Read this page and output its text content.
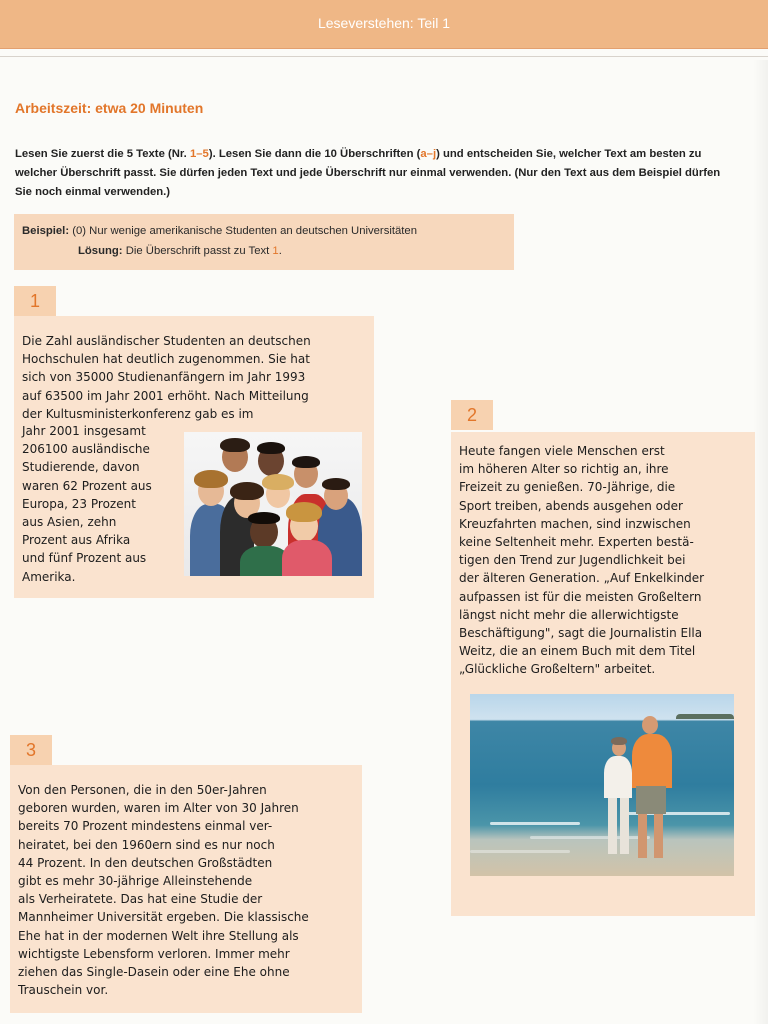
Leseverstehen: Teil 1
Arbeitszeit: etwa 20 Minuten
Lesen Sie zuerst die 5 Texte (Nr. 1–5). Lesen Sie dann die 10 Überschriften (a–j) und entscheiden Sie, welcher Text am besten zu welcher Überschrift passt. Sie dürfen jeden Text und jede Überschrift nur einmal verwenden. (Nur den Text aus dem Beispiel dürfen Sie noch einmal verwenden.)
Beispiel: (0) Nur wenige amerikanische Studenten an deutschen Universitäten
Lösung: Die Überschrift passt zu Text 1.
1

Die Zahl ausländischer Studenten an deutschen

Hochschulen hat deutlich zugenommen. Sie hat

sich von 35000 Studienanfängern im Jahr 1993

auf 63500 im Jahr 2001 erhöht. Nach Mitteilung

der Kultusministerkonferenz gab es im

Jahr 2001 insgesamt

206100 ausländische

Studierende, davon

waren 62 Prozent aus

Europa, 23 Prozent

aus Asien, zehn

Prozent aus Afrika

und fünf Prozent aus

Amerika.

2

Heute fangen viele Menschen erst

im höheren Alter so richtig an, ihre

Freizeit zu genießen. 70-Jährige, die

Sport treiben, abends ausgehen oder

Kreuzfahrten machen, sind inzwischen

keine Seltenheit mehr. Experten bestä-

tigen den Trend zur Jugendlichkeit bei

der älteren Generation. „Auf Enkelkinder

aufpassen ist für die meisten Großeltern

längst nicht mehr die allerwichtigste

Beschäftigung", sagt die Journalistin Ella

Weitz, die an einem Buch mit dem Titel

„Glückliche Großeltern" arbeitet.

3

Von den Personen, die in den 50er-Jahren

geboren wurden, waren im Alter von 30 Jahren

bereits 70 Prozent mindestens einmal ver-

heiratet, bei den 1960ern sind es nur noch

44 Prozent. In den deutschen Großstädten

gibt es mehr 30-jährige Alleinstehende

als Verheiratete. Das hat eine Studie der

Mannheimer Universität ergeben. Die klassische

Ehe hat in der modernen Welt ihre Stellung als

wichtigste Lebensform verloren. Immer mehr

ziehen das Single-Dasein oder eine Ehe ohne

Trauschein vor.
